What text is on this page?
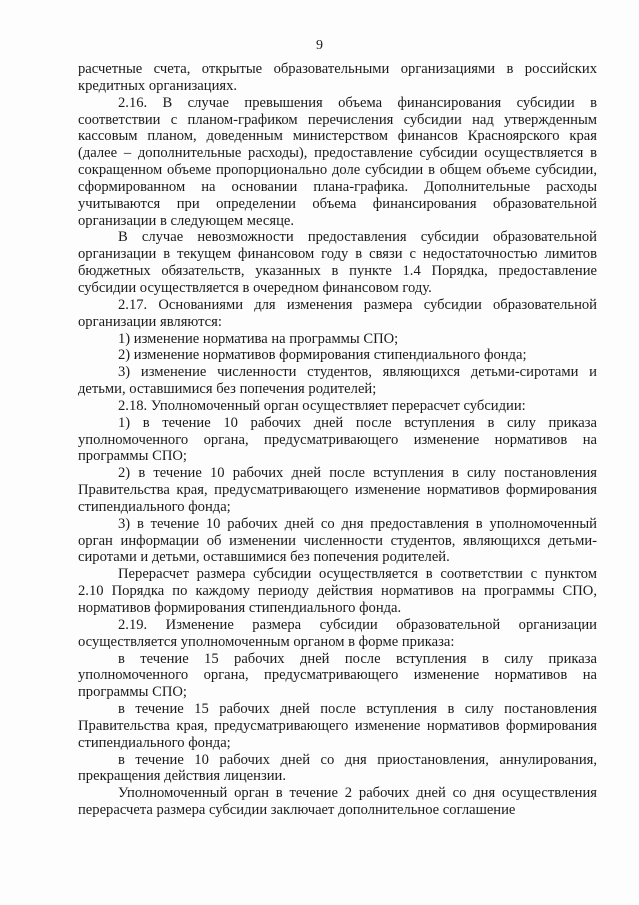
9

расчетные счета, открытые образовательными организациями в российских кредитных организациях.

2.16. В случае превышения объема финансирования субсидии в соответствии с планом-графиком перечисления субсидии над утвержденным кассовым планом, доведенным министерством финансов Красноярского края (далее – дополнительные расходы), предоставление субсидии осуществляется в сокращенном объеме пропорционально доле субсидии в общем объеме субсидии, сформированном на основании плана-графика. Дополнительные расходы учитываются при определении объема финансирования образовательной организации в следующем месяце.

В случае невозможности предоставления субсидии образовательной организации в текущем финансовом году в связи с недостаточностью лимитов бюджетных обязательств, указанных в пункте 1.4 Порядка, предоставление субсидии осуществляется в очередном финансовом году.

2.17. Основаниями для изменения размера субсидии образовательной организации являются:

1) изменение норматива на программы СПО;

2) изменение нормативов формирования стипендиального фонда;

3) изменение численности студентов, являющихся детьми-сиротами и детьми, оставшимися без попечения родителей;

2.18. Уполномоченный орган осуществляет перерасчет субсидии:

1) в течение 10 рабочих дней после вступления в силу приказа уполномоченного органа, предусматривающего изменение нормативов на программы СПО;

2) в течение 10 рабочих дней после вступления в силу постановления Правительства края, предусматривающего изменение нормативов формирования стипендиального фонда;

3) в течение 10 рабочих дней со дня предоставления в уполномоченный орган информации об изменении численности студентов, являющихся детьми-сиротами и детьми, оставшимися без попечения родителей.

Перерасчет размера субсидии осуществляется в соответствии с пунктом 2.10 Порядка по каждому периоду действия нормативов на программы СПО, нормативов формирования стипендиального фонда.

2.19. Изменение размера субсидии образовательной организации осуществляется уполномоченным органом в форме приказа:

в течение 15 рабочих дней после вступления в силу приказа уполномоченного органа, предусматривающего изменение нормативов на программы СПО;

в течение 15 рабочих дней после вступления в силу постановления Правительства края, предусматривающего изменение нормативов формирования стипендиального фонда;

в течение 10 рабочих дней со дня приостановления, аннулирования, прекращения действия лицензии.

Уполномоченный орган в течение 2 рабочих дней со дня осуществления перерасчета размера субсидии заключает дополнительное соглашение
